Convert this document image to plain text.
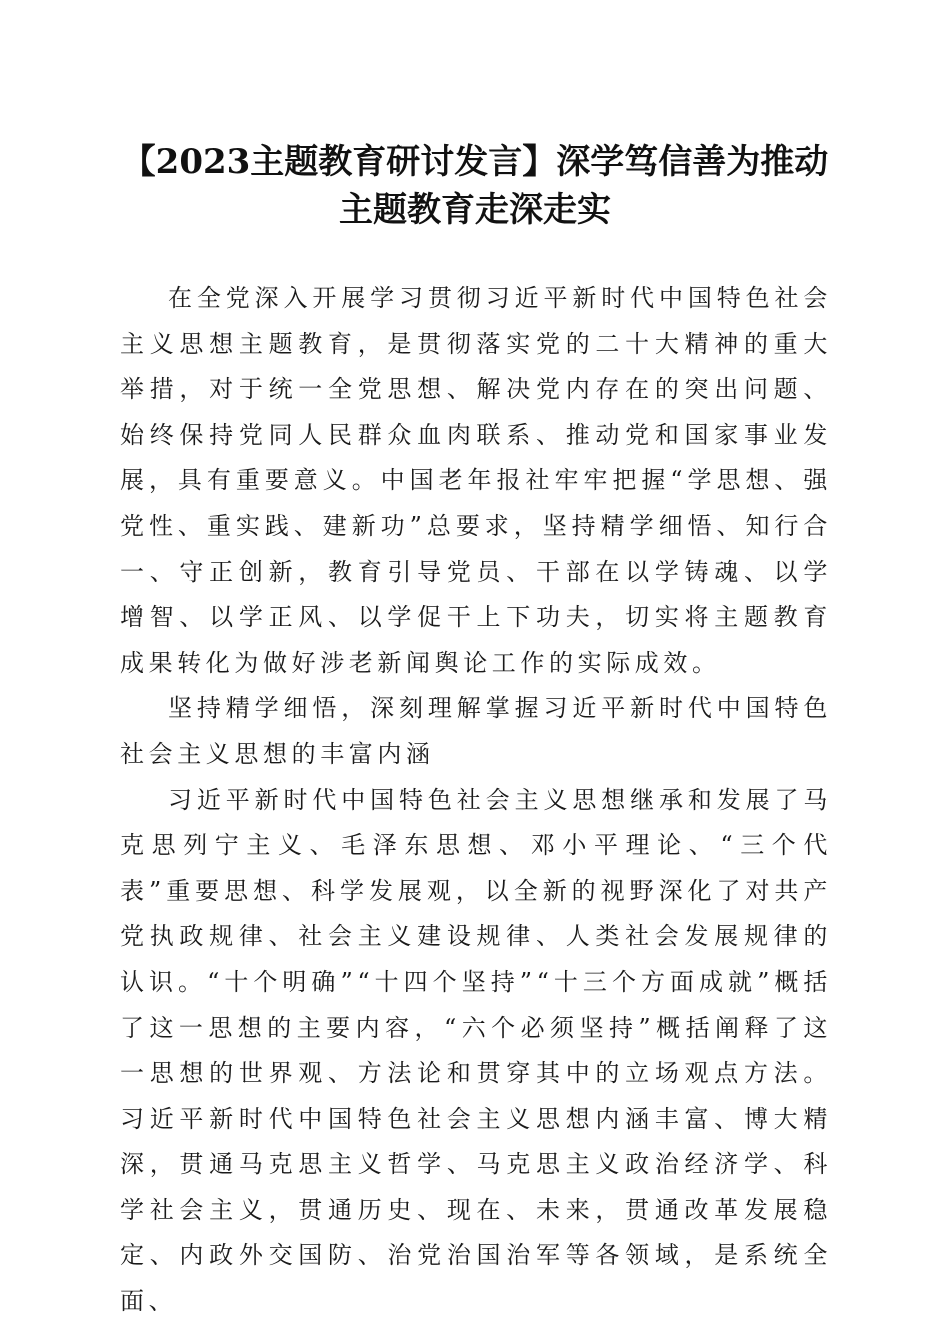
【2023主题教育研讨发言】深学笃信善为推动主题教育走深走实

在全党深入开展学习贯彻习近平新时代中国特色社会主义思想主题教育，是贯彻落实党的二十大精神的重大举措，对于统一全党思想、解决党内存在的突出问题、始终保持党同人民群众血肉联系、推动党和国家事业发展，具有重要意义。中国老年报社牢牢把握“学思想、强党性、重实践、建新功”总要求，坚持精学细悟、知行合一、守正创新，教育引导党员、干部在以学铸魂、以学增智、以学正风、以学促干上下功夫，切实将主题教育成果转化为做好涉老新闻舆论工作的实际成效。

坚持精学细悟，深刻理解掌握习近平新时代中国特色社会主义思想的丰富内涵

习近平新时代中国特色社会主义思想继承和发展了马克思列宁主义、毛泽东思想、邓小平理论、“三个代表”重要思想、科学发展观，以全新的视野深化了对共产党执政规律、社会主义建设规律、人类社会发展规律的认识。“十个明确”“十四个坚持”“十三个方面成就”概括了这一思想的主要内容，“六个必须坚持”概括阐释了这一思想的世界观、方法论和贯穿其中的立场观点方法。习近平新时代中国特色社会主义思想内涵丰富、博大精深，贯通马克思主义哲学、马克思主义政治经济学、科学社会主义，贯通历史、现在、未来，贯通改革发展稳定、内政外交国防、治党治国治军等各领域，是系统全面、
